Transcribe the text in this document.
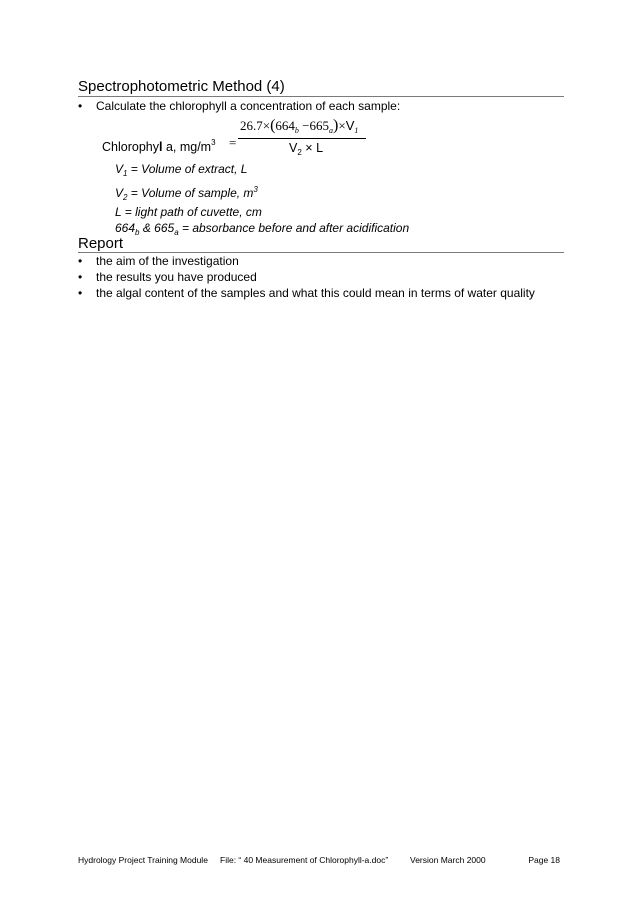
Spectrophotometric Method (4)
•	Calculate the chlorophyll a concentration of each sample:
Chlorophyl a, $mg/m^3$ =
$26.7\times(664_b -665_a)\times V_1$
$V_2 \times L$
$V_1$ = Volume of extract, L
$V_2$ = Volume of sample, $m^3$
L = light path of cuvette, cm
$664_b$ & $665_a$ = absorbance before and after acidification
Report
•	the aim of the investigation
•	the results you have produced
•	the algal content of the samples and what this could mean in terms of water quality
Hydrology Project Training Module File: “ 40 Measurement of Chlorophyll-a.doc”	Version March 2000	Page 18
